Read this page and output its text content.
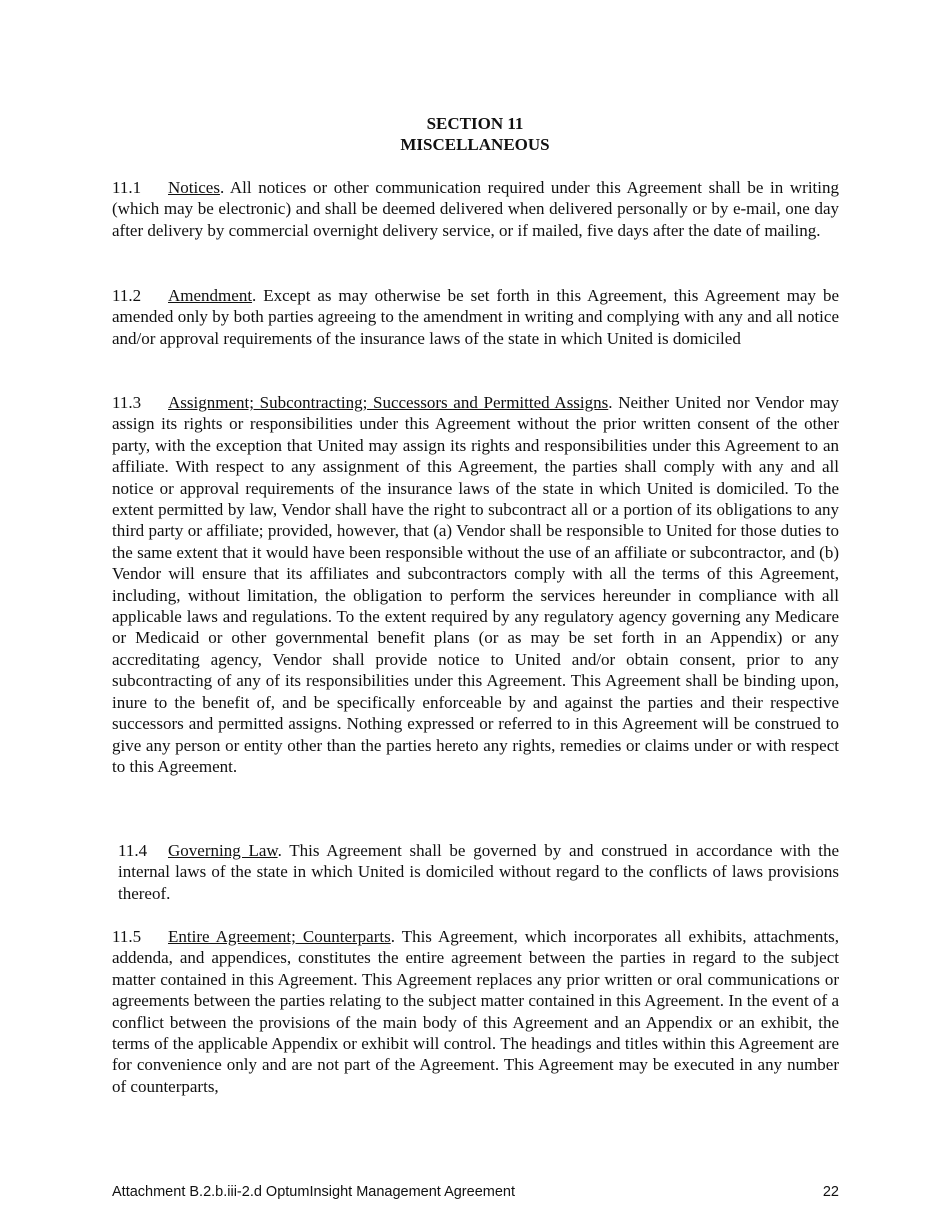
SECTION 11
MISCELLANEOUS

11.1 Notices. All notices or other communication required under this Agreement shall be in writing (which may be electronic) and shall be deemed delivered when delivered personally or by e-mail, one day after delivery by commercial overnight delivery service, or if mailed, five days after the date of mailing.

11.2 Amendment. Except as may otherwise be set forth in this Agreement, this Agreement may be amended only by both parties agreeing to the amendment in writing and complying with any and all notice and/or approval requirements of the insurance laws of the state in which United is domiciled

11.3 Assignment; Subcontracting; Successors and Permitted Assigns. Neither United nor Vendor may assign its rights or responsibilities under this Agreement without the prior written consent of the other party, with the exception that United may assign its rights and responsibilities under this Agreement to an affiliate. With respect to any assignment of this Agreement, the parties shall comply with any and all notice or approval requirements of the insurance laws of the state in which United is domiciled. To the extent permitted by law, Vendor shall have the right to subcontract all or a portion of its obligations to any third party or affiliate; provided, however, that (a) Vendor shall be responsible to United for those duties to the same extent that it would have been responsible without the use of an affiliate or subcontractor, and (b) Vendor will ensure that its affiliates and subcontractors comply with all the terms of this Agreement, including, without limitation, the obligation to perform the services hereunder in compliance with all applicable laws and regulations. To the extent required by any regulatory agency governing any Medicare or Medicaid or other governmental benefit plans (or as may be set forth in an Appendix) or any accreditating agency, Vendor shall provide notice to United and/or obtain consent, prior to any subcontracting of any of its responsibilities under this Agreement. This Agreement shall be binding upon, inure to the benefit of, and be specifically enforceable by and against the parties and their respective successors and permitted assigns. Nothing expressed or referred to in this Agreement will be construed to give any person or entity other than the parties hereto any rights, remedies or claims under or with respect to this Agreement.

11.4 Governing Law. This Agreement shall be governed by and construed in accordance with the internal laws of the state in which United is domiciled without regard to the conflicts of laws provisions thereof.

11.5 Entire Agreement; Counterparts. This Agreement, which incorporates all exhibits, attachments, addenda, and appendices, constitutes the entire agreement between the parties in regard to the subject matter contained in this Agreement. This Agreement replaces any prior written or oral communications or agreements between the parties relating to the subject matter contained in this Agreement. In the event of a conflict between the provisions of the main body of this Agreement and an Appendix or an exhibit, the terms of the applicable Appendix or exhibit will control. The headings and titles within this Agreement are for convenience only and are not part of the Agreement. This Agreement may be executed in any number of counterparts,

Attachment B.2.b.iii-2.d OptumInsight Management Agreement	22
